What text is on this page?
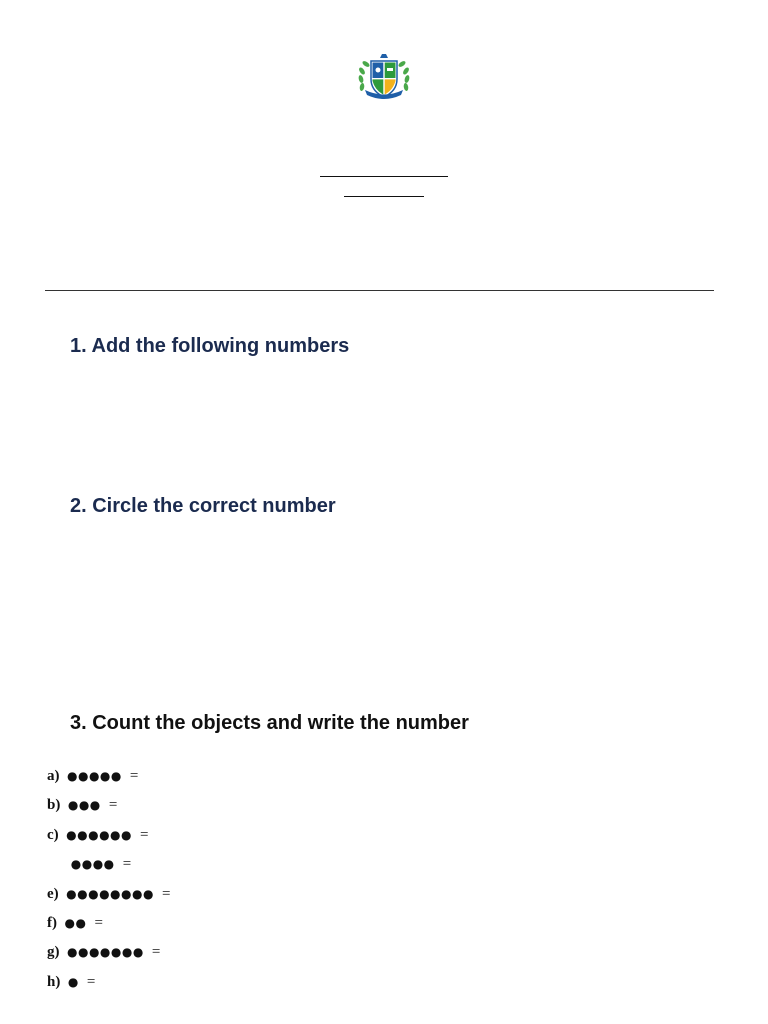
1. Add the following numbers
2. Circle the correct number
3. Count the objects and write the number
a)  ●●●●●  =
b)  ●●●  =
c)  ●●●●●●  =
●●●●  =
e)  ●●●●●●●●  =
f)  ●●  =
g)  ●●●●●●●  =
h)  ●  =
